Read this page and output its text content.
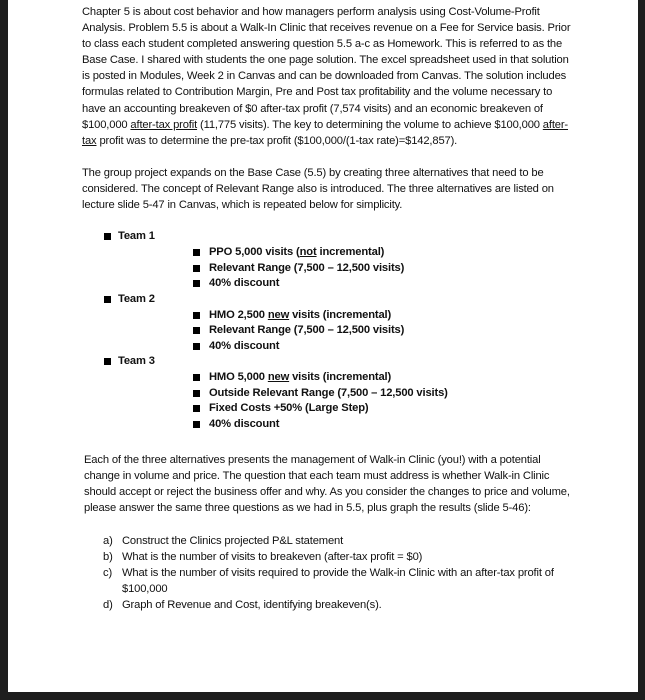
Chapter 5 is about cost behavior and how managers perform analysis using Cost-Volume-Profit Analysis. Problem 5.5 is about a Walk-In Clinic that receives revenue on a Fee for Service basis. Prior to class each student completed answering question 5.5 a-c as Homework. This is referred to as the Base Case. I shared with students the one page solution. The excel spreadsheet used in that solution is posted in Modules, Week 2 in Canvas and can be downloaded from Canvas. The solution includes formulas related to Contribution Margin, Pre and Post tax profitability and the volume necessary to have an accounting breakeven of $0 after-tax profit (7,574 visits) and an economic breakeven of $100,000 after-tax profit (11,775 visits). The key to determining the volume to achieve $100,000 after-tax profit was to determine the pre-tax profit ($100,000/(1-tax rate)=$142,857).

The group project expands on the Base Case (5.5) by creating three alternatives that need to be considered. The concept of Relevant Range also is introduced. The three alternatives are listed on lecture slide 5-47 in Canvas, which is repeated below for simplicity.

Team 1
PPO 5,000 visits (not incremental)
Relevant Range (7,500 – 12,500 visits)
40% discount
Team 2
HMO 2,500 new visits (incremental)
Relevant Range (7,500 – 12,500 visits)
40% discount
Team 3
HMO 5,000 new visits (incremental)
Outside Relevant Range (7,500 – 12,500 visits)
Fixed Costs +50% (Large Step)
40% discount

Each of the three alternatives presents the management of Walk-in Clinic (you!) with a potential change in volume and price. The question that each team must address is whether Walk-in Clinic should accept or reject the business offer and why. As you consider the changes to price and volume, please answer the same three questions as we had in 5.5, plus graph the results (slide 5-46):

a) Construct the Clinics projected P&L statement
b) What is the number of visits to breakeven (after-tax profit = $0)
c) What is the number of visits required to provide the Walk-in Clinic with an after-tax profit of $100,000
d) Graph of Revenue and Cost, identifying breakeven(s).
